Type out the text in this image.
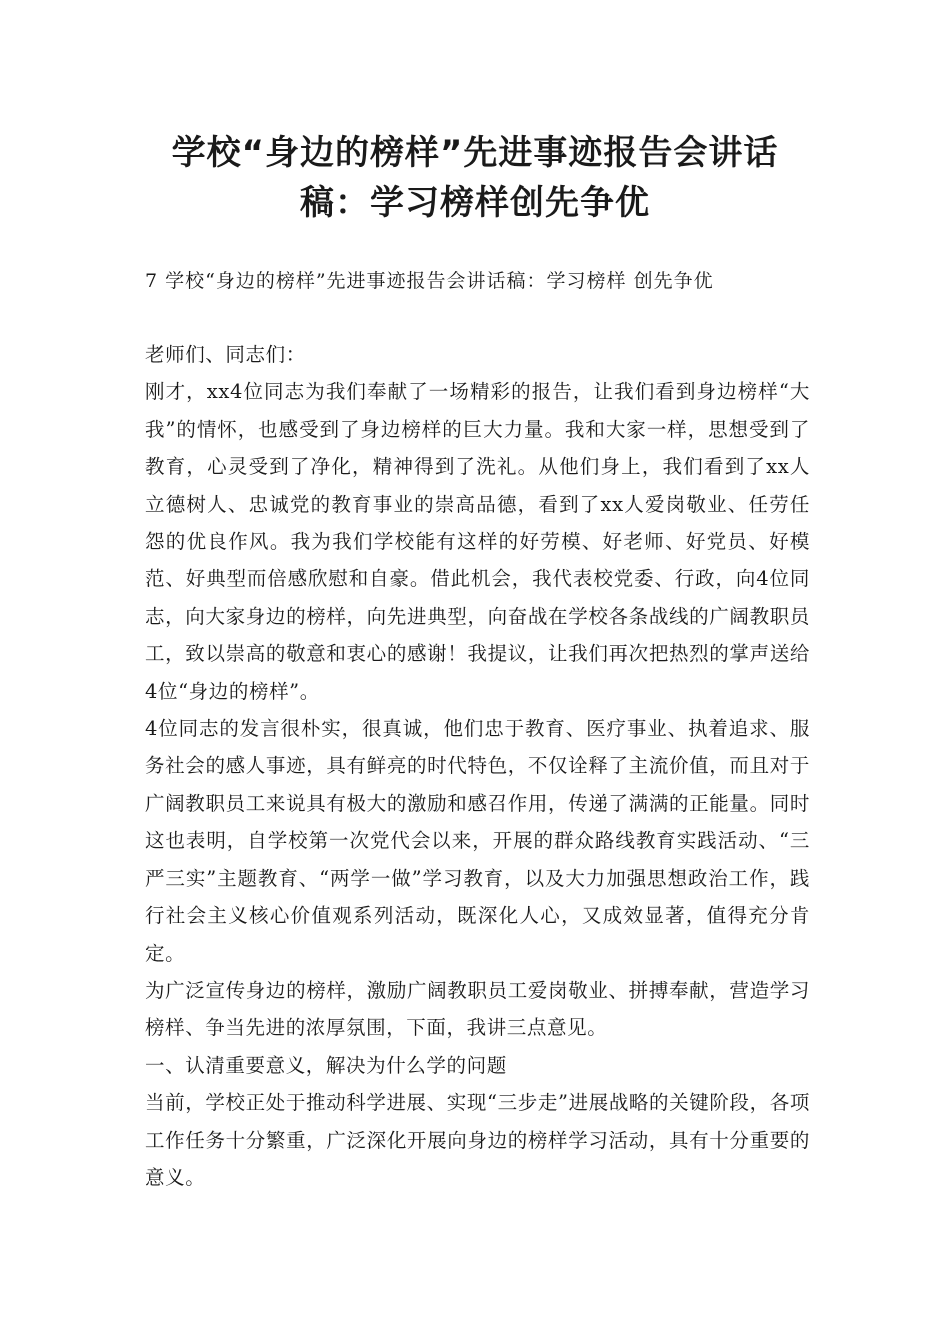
学校“身边的榜样”先进事迹报告会讲话
稿：学习榜样创先争优

7 学校“身边的榜样”先进事迹报告会讲话稿：学习榜样 创先争优

老师们、同志们：

刚才，xx4位同志为我们奉献了一场精彩的报告，让我们看到身边榜样“大我”的情怀，也感受到了身边榜样的巨大力量。我和大家一样，思想受到了教育，心灵受到了净化，精神得到了洗礼。从他们身上，我们看到了xx人立德树人、忠诚党的教育事业的崇高品德，看到了xx人爱岗敬业、任劳任怨的优良作风。我为我们学校能有这样的好劳模、好老师、好党员、好模范、好典型而倍感欣慰和自豪。借此机会，我代表校党委、行政，向4位同志，向大家身边的榜样，向先进典型，向奋战在学校各条战线的广阔教职员工，致以崇高的敬意和衷心的感谢！我提议，让我们再次把热烈的掌声送给4位“身边的榜样”。

4位同志的发言很朴实，很真诚，他们忠于教育、医疗事业、执着追求、服务社会的感人事迹，具有鲜亮的时代特色，不仅诠释了主流价值，而且对于广阔教职员工来说具有极大的激励和感召作用，传递了满满的正能量。同时这也表明，自学校第一次党代会以来，开展的群众路线教育实践活动、“三严三实”主题教育、“两学一做”学习教育，以及大力加强思想政治工作，践行社会主义核心价值观系列活动，既深化人心，又成效显著，值得充分肯定。

为广泛宣传身边的榜样，激励广阔教职员工爱岗敬业、拼搏奉献，营造学习榜样、争当先进的浓厚氛围，下面，我讲三点意见。

一、认清重要意义，解决为什么学的问题

当前，学校正处于推动科学进展、实现“三步走”进展战略的关键阶段，各项工作任务十分繁重，广泛深化开展向身边的榜样学习活动，具有十分重要的意义。
